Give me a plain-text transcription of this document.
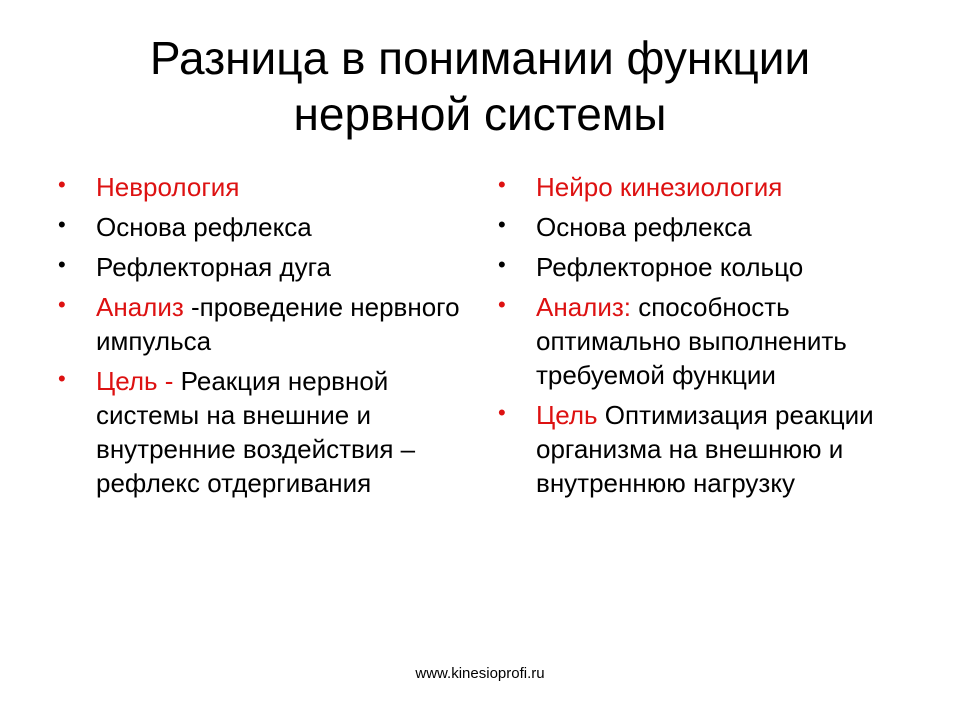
Разница в понимании функции
нервной системы
• Неврология
• Основа рефлекса
• Рефлекторная дуга
• Анализ -проведение нервного импульса
• Цель - Реакция нервной системы на внешние и внутренние воздействия – рефлекс отдергивания
• Нейро кинезиология
• Основа рефлекса
• Рефлекторное кольцо
• Анализ: способность оптимально выполненить требуемой функции
• Цель Оптимизация реакции организма на внешнюю и внутреннюю нагрузку
www.kinesioprofi.ru
